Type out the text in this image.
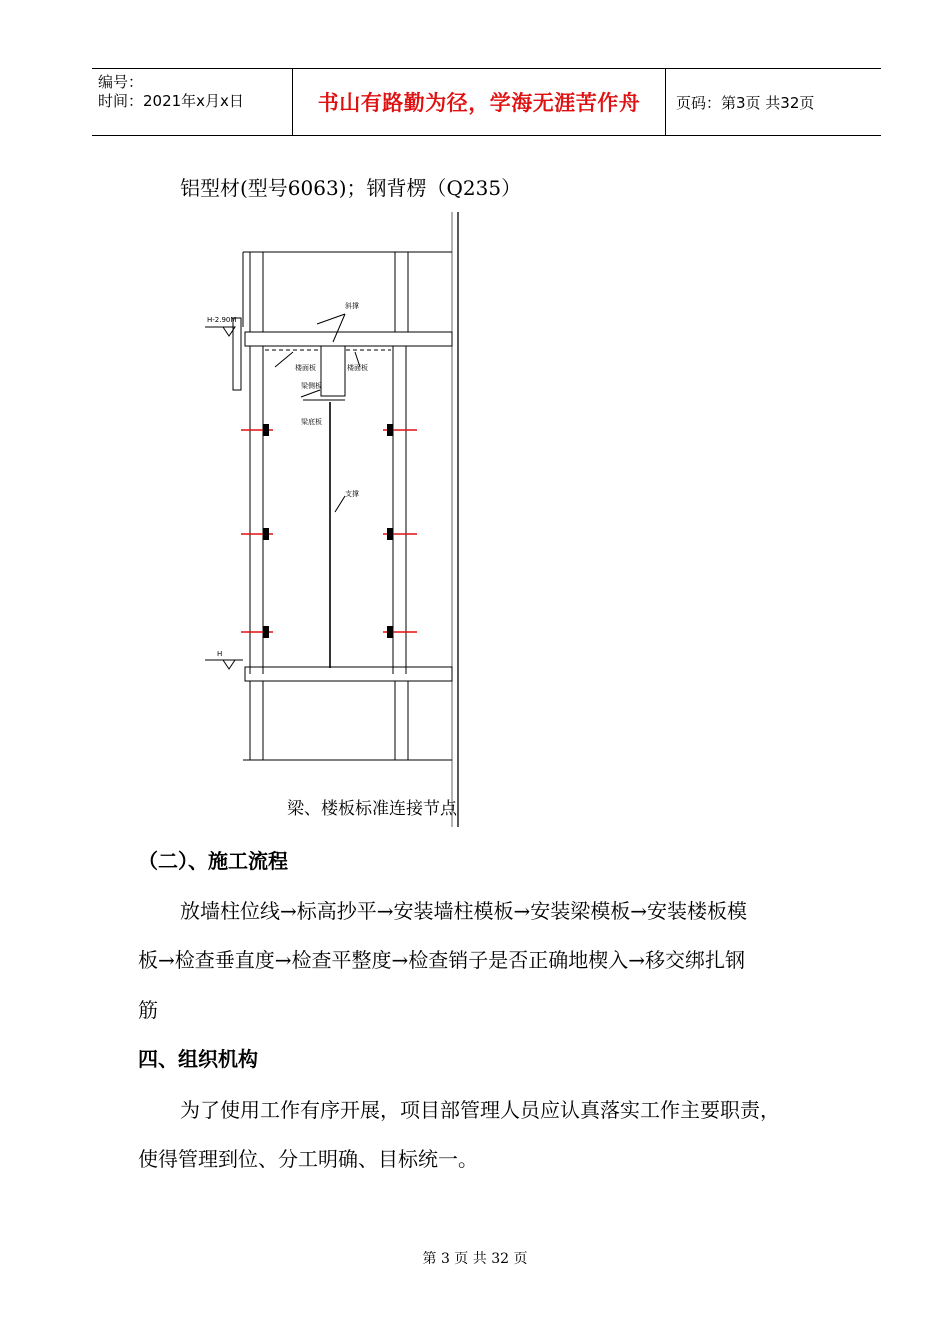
编号：
时间：2021年x月x日	书山有路勤为径，学海无涯苦作舟	页码：第3页 共32页
铝型材(型号6063)；钢背楞（Q235）
H-2.90M
斜撑
楼面板	楼面板
梁侧板
梁底板
支撑
H
梁、楼板标准连接节点
（二）、施工流程
放墙柱位线→标高抄平→安装墙柱模板→安装梁模板→安装楼板模
板→检查垂直度→检查平整度→检查销子是否正确地楔入→移交绑扎钢
筋
四、组织机构
为了使用工作有序开展，项目部管理人员应认真落实工作主要职责，
使得管理到位、分工明确、目标统一。
第 3 页 共 32 页
